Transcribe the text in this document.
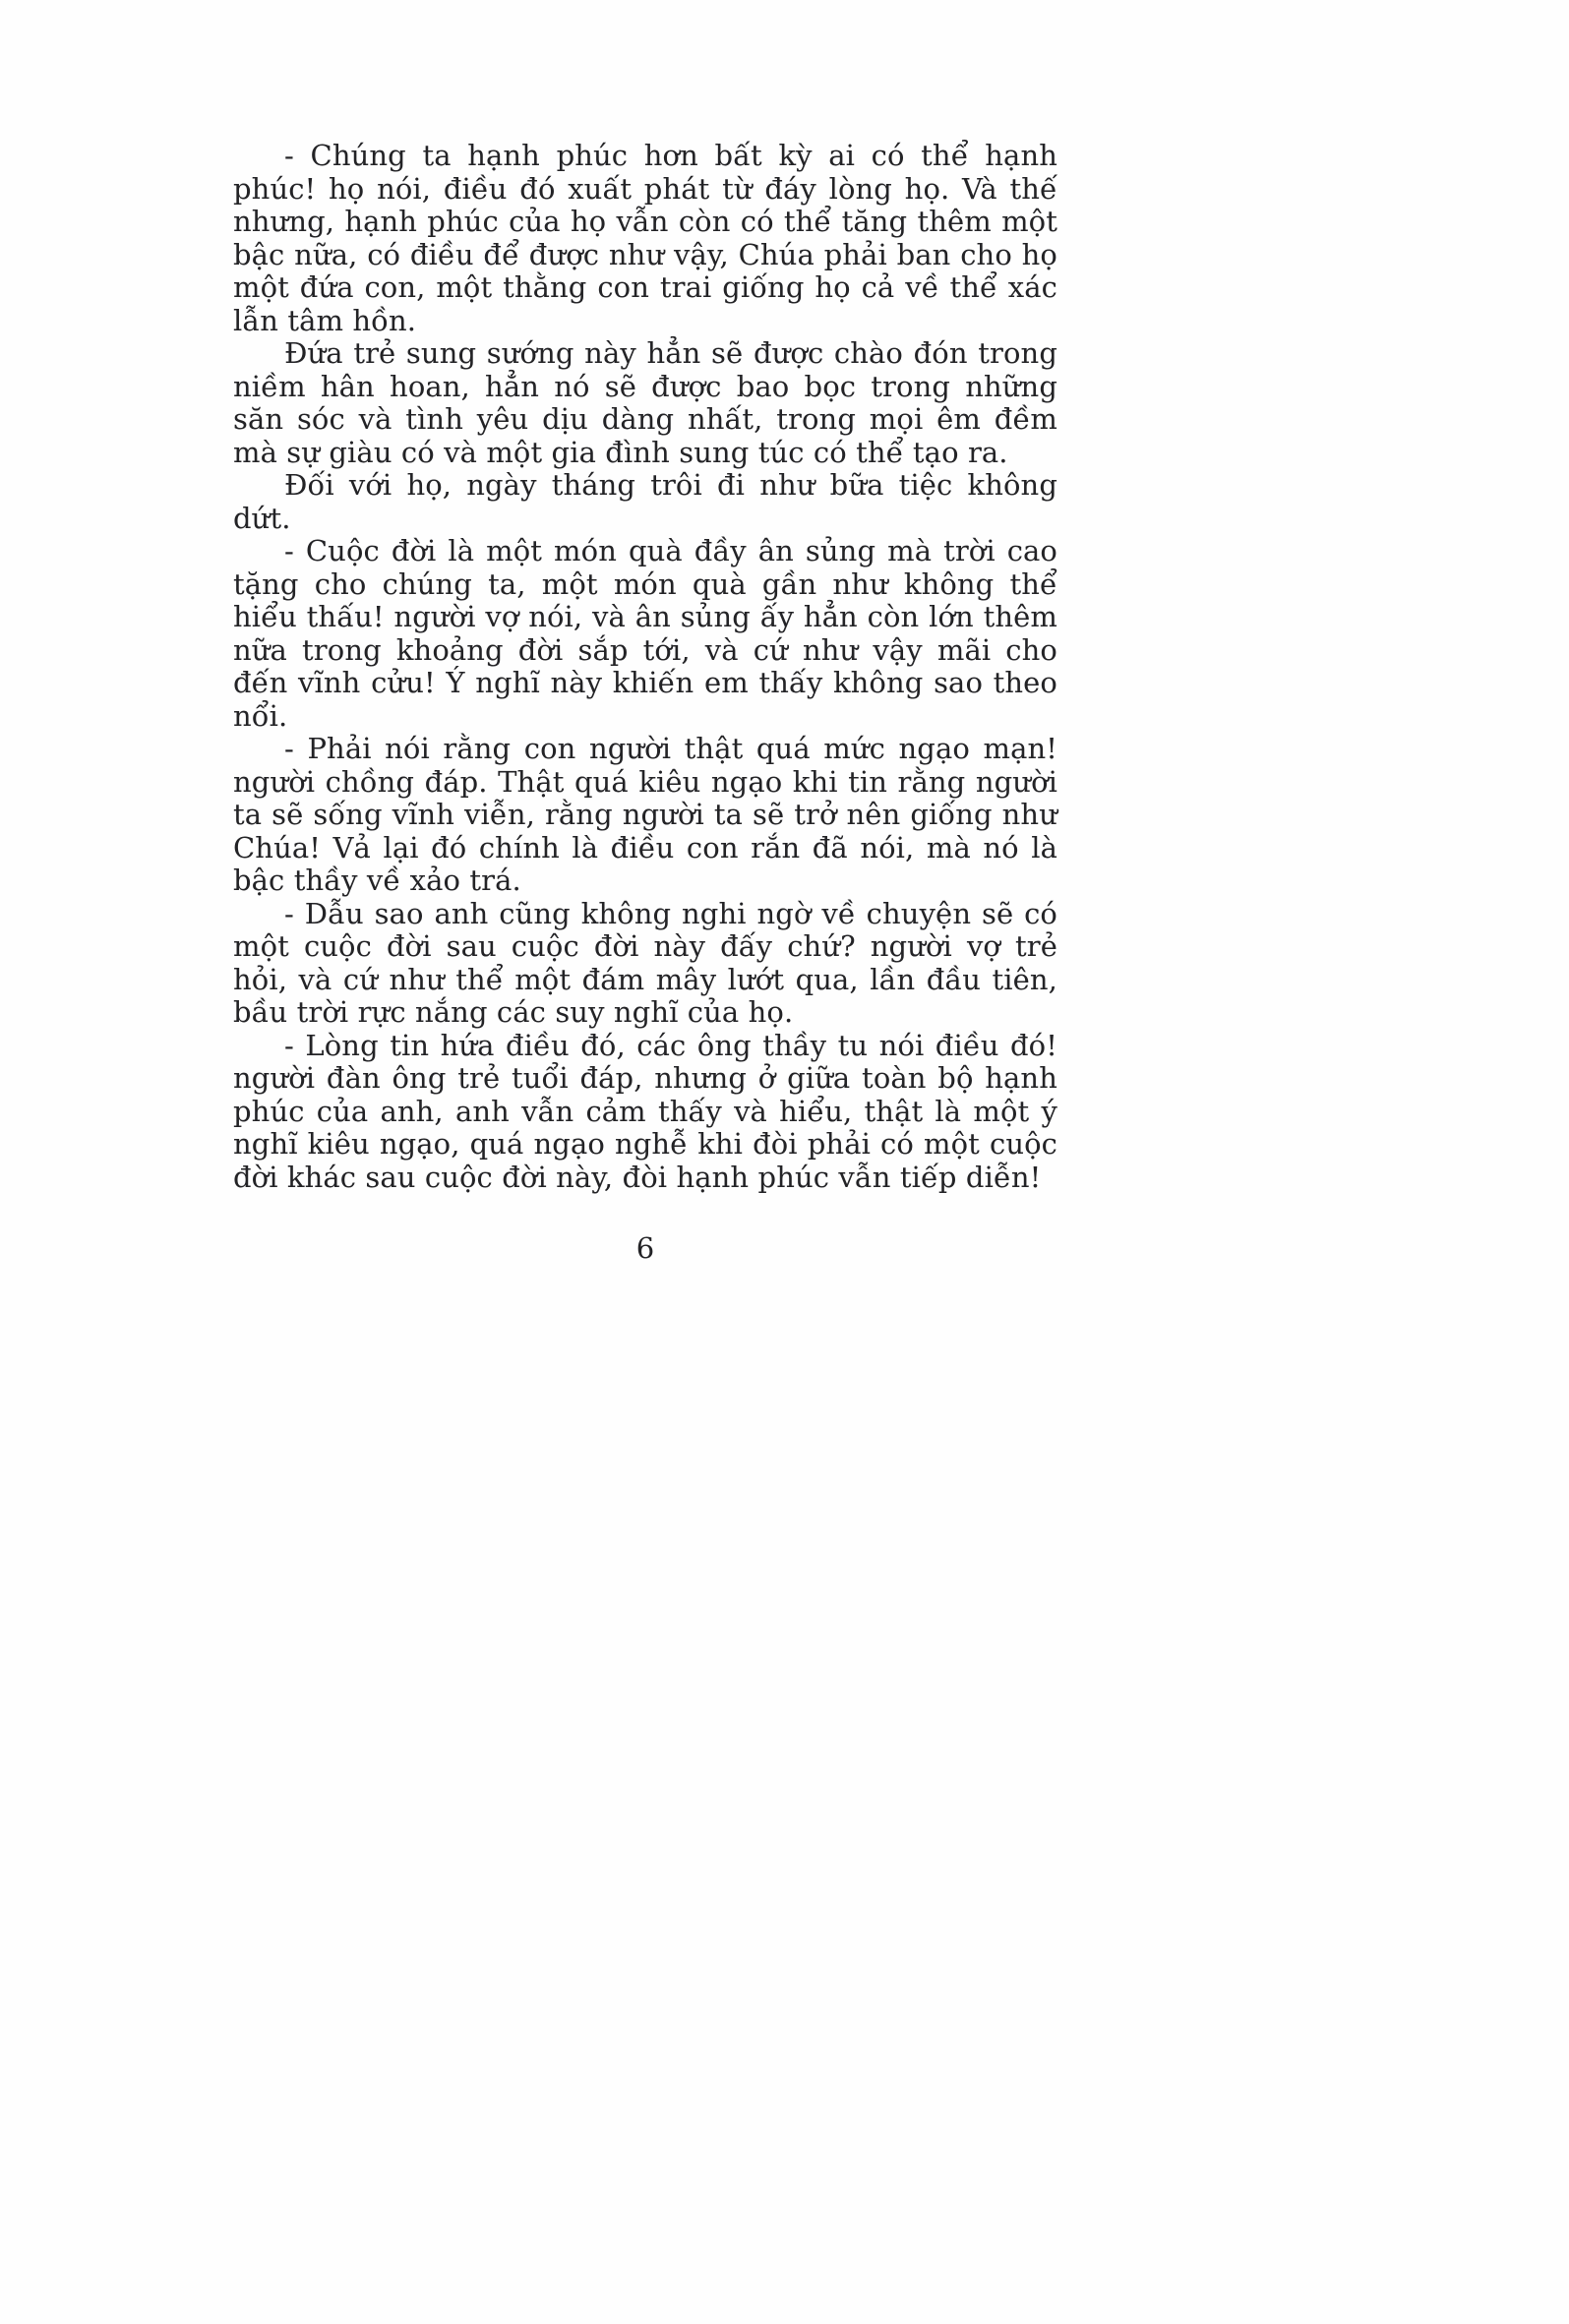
- Chúng ta hạnh phúc hơn bất kỳ ai có thể hạnh phúc! họ nói, điều đó xuất phát từ đáy lòng họ. Và thế nhưng, hạnh phúc của họ vẫn còn có thể tăng thêm một bậc nữa, có điều để được như vậy, Chúa phải ban cho họ một đứa con, một thằng con trai giống họ cả về thể xác lẫn tâm hồn.

Đứa trẻ sung sướng này hẳn sẽ được chào đón trong niềm hân hoan, hẳn nó sẽ được bao bọc trong những săn sóc và tình yêu dịu dàng nhất, trong mọi êm đềm mà sự giàu có và một gia đình sung túc có thể tạo ra.

Đối với họ, ngày tháng trôi đi như bữa tiệc không dứt.

- Cuộc đời là một món quà đầy ân sủng mà trời cao tặng cho chúng ta, một món quà gần như không thể hiểu thấu! người vợ nói, và ân sủng ấy hẳn còn lớn thêm nữa trong khoảng đời sắp tới, và cứ như vậy mãi cho đến vĩnh cửu! Ý nghĩ này khiến em thấy không sao theo nổi.

- Phải nói rằng con người thật quá mức ngạo mạn! người chồng đáp. Thật quá kiêu ngạo khi tin rằng người ta sẽ sống vĩnh viễn, rằng người ta sẽ trở nên giống như Chúa! Vả lại đó chính là điều con rắn đã nói, mà nó là bậc thầy về xảo trá.

- Dẫu sao anh cũng không nghi ngờ về chuyện sẽ có một cuộc đời sau cuộc đời này đấy chứ? người vợ trẻ hỏi, và cứ như thể một đám mây lướt qua, lần đầu tiên, bầu trời rực nắng các suy nghĩ của họ.

- Lòng tin hứa điều đó, các ông thầy tu nói điều đó! người đàn ông trẻ tuổi đáp, nhưng ở giữa toàn bộ hạnh phúc của anh, anh vẫn cảm thấy và hiểu, thật là một ý nghĩ kiêu ngạo, quá ngạo nghễ khi đòi phải có một cuộc đời khác sau cuộc đời này, đòi hạnh phúc vẫn tiếp diễn!

6
